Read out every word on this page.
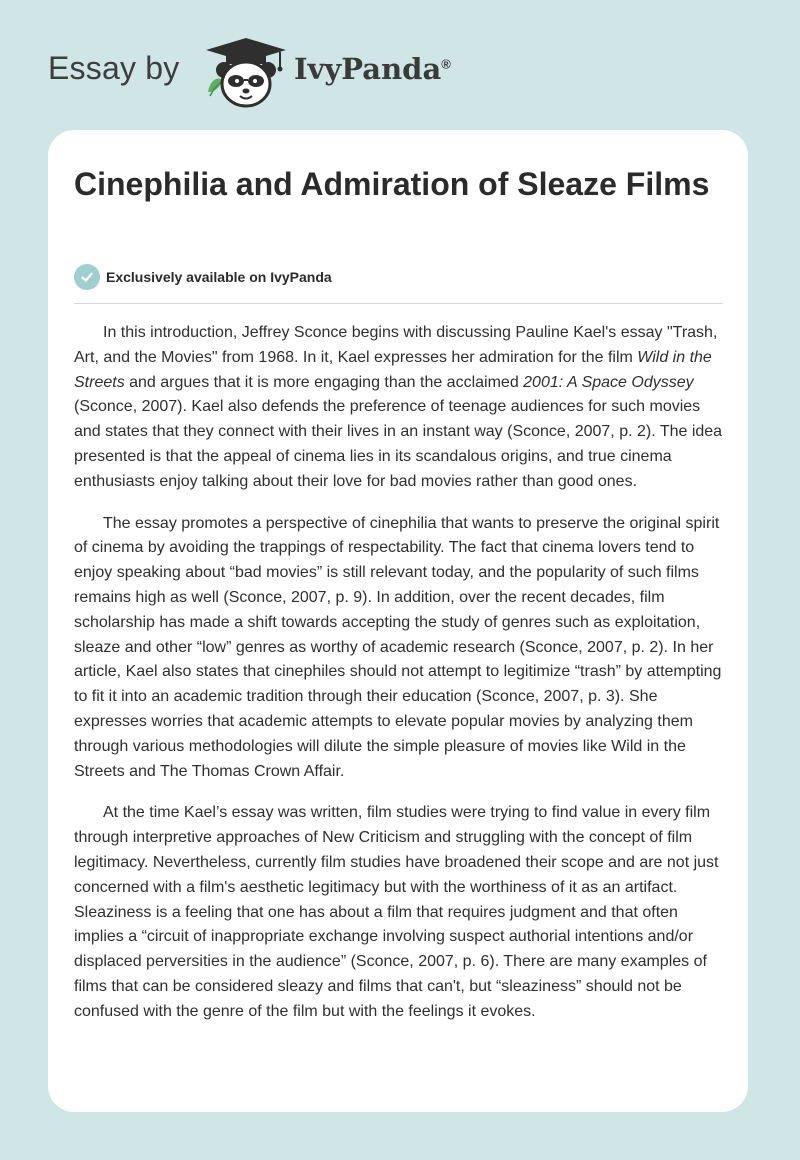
Essay by	IvyPanda®
Cinephilia and Admiration of Sleaze Films
Exclusively available on IvyPanda

In this introduction, Jeffrey Sconce begins with discussing Pauline Kael's essay "Trash, Art, and the Movies" from 1968. In it, Kael expresses her admiration for the film Wild in the Streets and argues that it is more engaging than the acclaimed 2001: A Space Odyssey (Sconce, 2007). Kael also defends the preference of teenage audiences for such movies and states that they connect with their lives in an instant way (Sconce, 2007, p. 2). The idea presented is that the appeal of cinema lies in its scandalous origins, and true cinema enthusiasts enjoy talking about their love for bad movies rather than good ones.

The essay promotes a perspective of cinephilia that wants to preserve the original spirit of cinema by avoiding the trappings of respectability. The fact that cinema lovers tend to enjoy speaking about “bad movies” is still relevant today, and the popularity of such films remains high as well (Sconce, 2007, p. 9). In addition, over the recent decades, film scholarship has made a shift towards accepting the study of genres such as exploitation, sleaze and other “low” genres as worthy of academic research (Sconce, 2007, p. 2). In her article, Kael also states that cinephiles should not attempt to legitimize “trash” by attempting to fit it into an academic tradition through their education (Sconce, 2007, p. 3). She expresses worries that academic attempts to elevate popular movies by analyzing them through various methodologies will dilute the simple pleasure of movies like Wild in the Streets and The Thomas Crown Affair.

At the time Kael’s essay was written, film studies were trying to find value in every film through interpretive approaches of New Criticism and struggling with the concept of film legitimacy. Nevertheless, currently film studies have broadened their scope and are not just concerned with a film's aesthetic legitimacy but with the worthiness of it as an artifact. Sleaziness is a feeling that one has about a film that requires judgment and that often implies a “circuit of inappropriate exchange involving suspect authorial intentions and/or displaced perversities in the audience” (Sconce, 2007, p. 6). There are many examples of films that can be considered sleazy and films that can't, but “sleaziness” should not be confused with the genre of the film but with the feelings it evokes.
